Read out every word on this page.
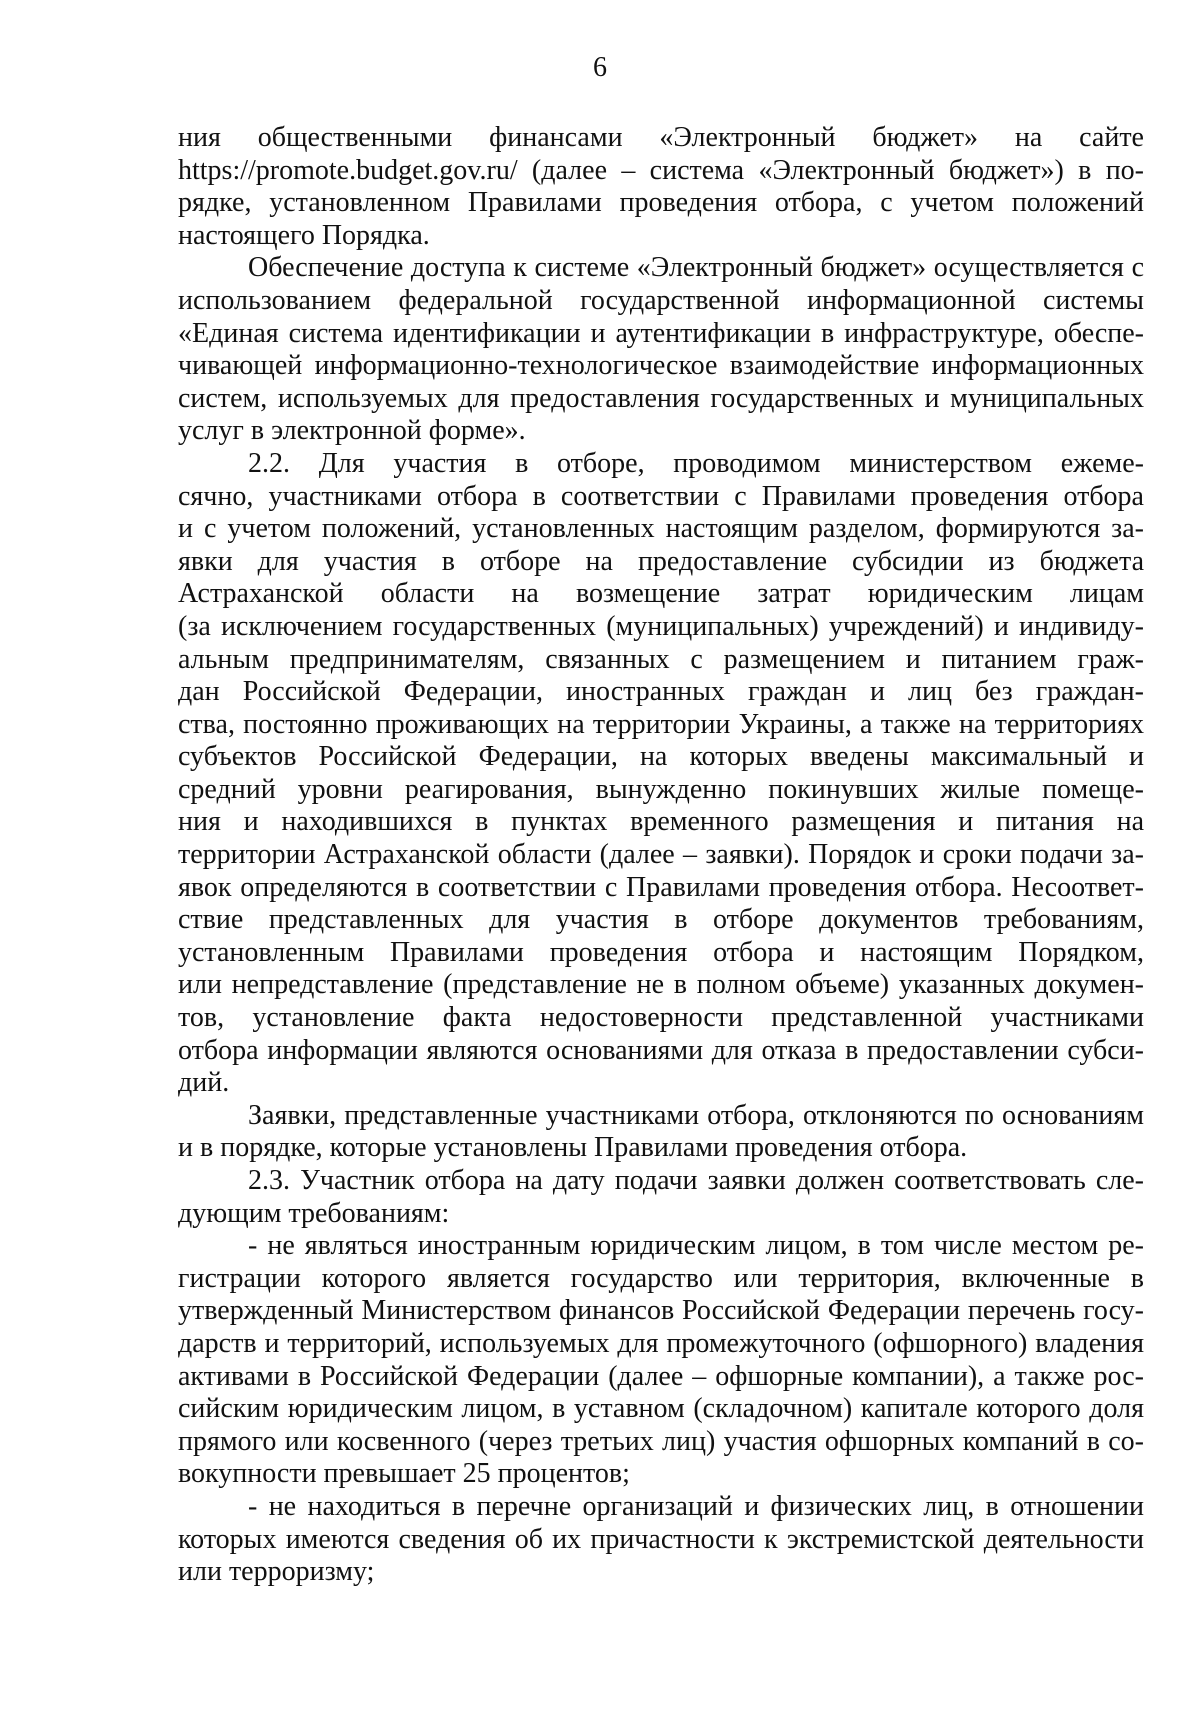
6
ния общественными финансами «Электронный бюджет» на сайте
https://promote.budget.gov.ru/ (далее – система «Электронный бюджет») в по-
рядке, установленном Правилами проведения отбора, с учетом положений
настоящего Порядка.
Обеспечение доступа к системе «Электронный бюджет» осуществляется с
использованием федеральной государственной информационной системы
«Единая система идентификации и аутентификации в инфраструктуре, обеспе-
чивающей информационно-технологическое взаимодействие информационных
систем, используемых для предоставления государственных и муниципальных
услуг в электронной форме».
2.2. Для участия в отборе, проводимом министерством ежеме-
сячно, участниками отбора в соответствии с Правилами проведения отбора
и с учетом положений, установленных настоящим разделом, формируются за-
явки для участия в отборе на предоставление субсидии из бюджета
Астраханской области на возмещение затрат юридическим лицам
(за исключением государственных (муниципальных) учреждений) и индивиду-
альным предпринимателям, связанных с размещением и питанием граж-
дан Российской Федерации, иностранных граждан и лиц без граждан-
ства, постоянно проживающих на территории Украины, а также на территориях
субъектов Российской Федерации, на которых введены максимальный и
средний уровни реагирования, вынужденно покинувших жилые помеще-
ния и находившихся в пунктах временного размещения и питания на
территории Астраханской области (далее – заявки). Порядок и сроки подачи за-
явок определяются в соответствии с Правилами проведения отбора. Несоответ-
ствие представленных для участия в отборе документов требованиям,
установленным Правилами проведения отбора и настоящим Порядком,
или непредставление (представление не в полном объеме) указанных докумен-
тов, установление факта недостоверности представленной участниками
отбора информации являются основаниями для отказа в предоставлении субси-
дий.
Заявки, представленные участниками отбора, отклоняются по основаниям
и в порядке, которые установлены Правилами проведения отбора.
2.3. Участник отбора на дату подачи заявки должен соответствовать сле-
дующим требованиям:
- не являться иностранным юридическим лицом, в том числе местом ре-
гистрации которого является государство или территория, включенные в
утвержденный Министерством финансов Российской Федерации перечень госу-
дарств и территорий, используемых для промежуточного (офшорного) владения
активами в Российской Федерации (далее – офшорные компании), а также рос-
сийским юридическим лицом, в уставном (складочном) капитале которого доля
прямого или косвенного (через третьих лиц) участия офшорных компаний в со-
вокупности превышает 25 процентов;
- не находиться в перечне организаций и физических лиц, в отношении
которых имеются сведения об их причастности к экстремистской деятельности
или терроризму;
